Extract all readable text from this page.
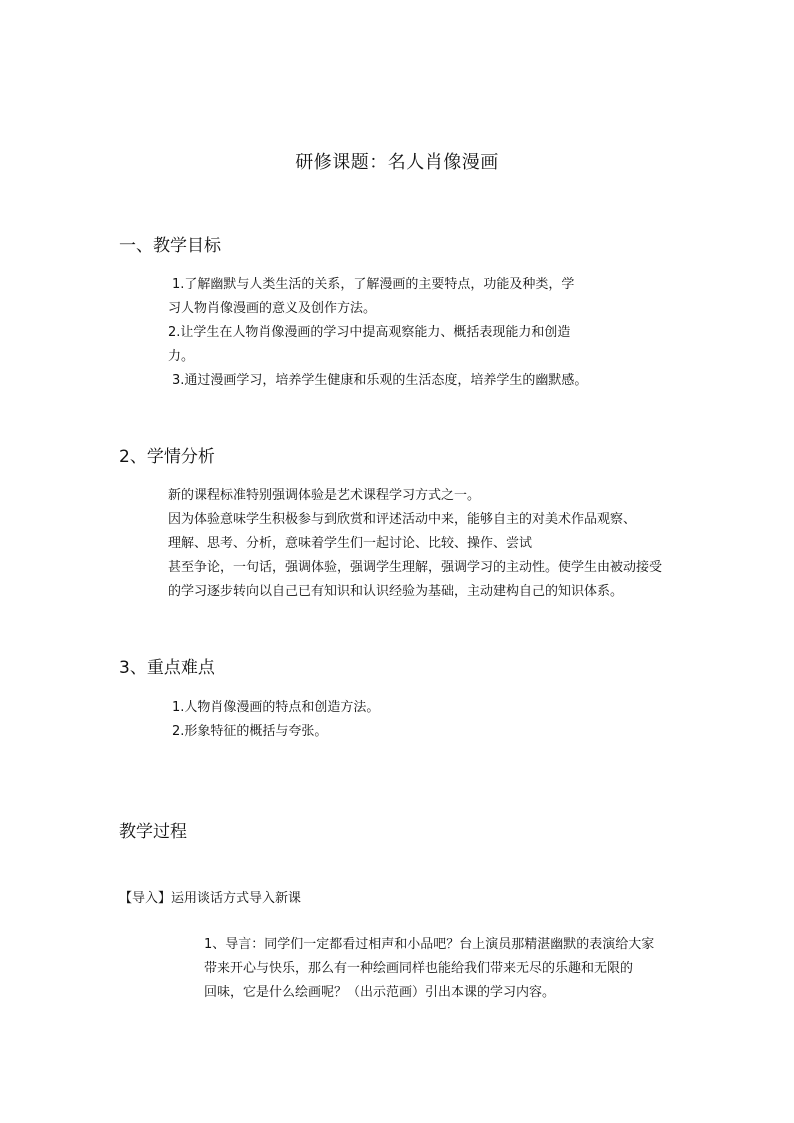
研修课题：名人肖像漫画
一、教学目标
1.了解幽默与人类生活的关系，了解漫画的主要特点，功能及种类，学
习人物肖像漫画的意义及创作方法。
2.让学生在人物肖像漫画的学习中提高观察能力、概括表现能力和创造
力。
3.通过漫画学习，培养学生健康和乐观的生活态度，培养学生的幽默感。
2、学情分析
新的课程标准特别强调体验是艺术课程学习方式之一。
因为体验意味学生积极参与到欣赏和评述活动中来，能够自主的对美术作品观察、
理解、思考、分析，意味着学生们一起讨论、比较、操作、尝试
甚至争论，一句话，强调体验，强调学生理解，强调学习的主动性。使学生由被动接受
的学习逐步转向以自己已有知识和认识经验为基础，主动建构自己的知识体系。
3、重点难点
1.人物肖像漫画的特点和创造方法。
2.形象特征的概括与夸张。
教学过程
【导入】运用谈话方式导入新课
1、导言：同学们一定都看过相声和小品吧？台上演员那精湛幽默的表演给大家
带来开心与快乐，那么有一种绘画同样也能给我们带来无尽的乐趣和无限的
回味，它是什么绘画呢？（出示范画）引出本课的学习内容。
